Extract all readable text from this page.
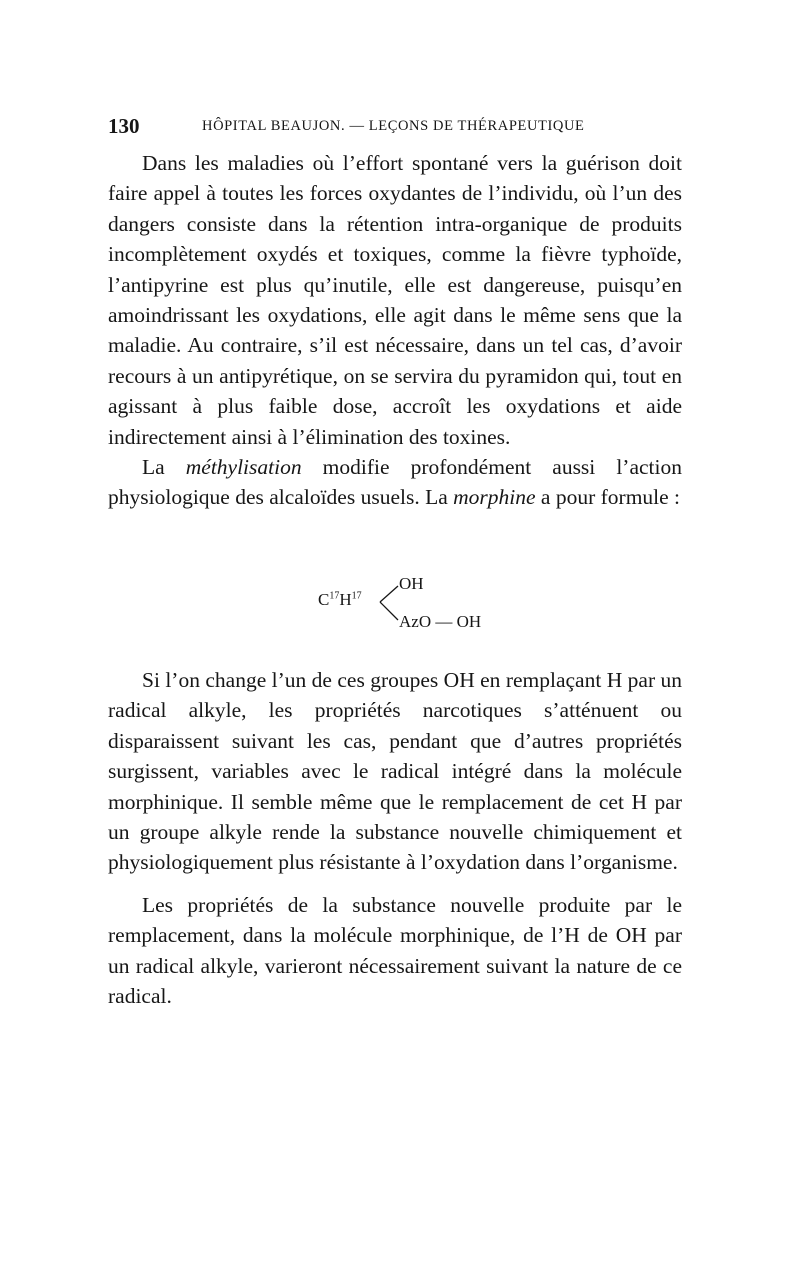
130	HÔPITAL BEAUJON. — LEÇONS DE THÉRAPEUTIQUE

Dans les maladies où l’effort spontané vers la guérison doit faire appel à toutes les forces oxydantes de l’individu, où l’un des dangers consiste dans la rétention intra-organique de produits incomplètement oxydés et toxiques, comme la fièvre typhoïde, l’antipyrine est plus qu’inutile, elle est dangereuse, puisqu’en amoindrissant les oxydations, elle agit dans le même sens que la maladie. Au contraire, s’il est nécessaire, dans un tel cas, d’avoir recours à un antipyrétique, on se servira du pyramidon qui, tout en agissant à plus faible dose, accroît les oxydations et aide indirectement ainsi à l’élimination des toxines.

La méthylisation modifie profondément aussi l’action physiologique des alcaloïdes usuels. La morphine a pour formule :

$C^{17}H^{17}$
OH
AzO — OH

Si l’on change l’un de ces groupes OH en remplaçant H par un radical alkyle, les propriétés narcotiques s’atténuent ou disparaissent suivant les cas, pendant que d’autres propriétés surgissent, variables avec le radical intégré dans la molécule morphinique. Il semble même que le remplacement de cet H par un groupe alkyle rende la substance nouvelle chimiquement et physiologiquement plus résistante à l’oxydation dans l’organisme.

Les propriétés de la substance nouvelle produite par le remplacement, dans la molécule morphinique, de l’H de OH par un radical alkyle, varieront nécessairement suivant la nature de ce radical.
